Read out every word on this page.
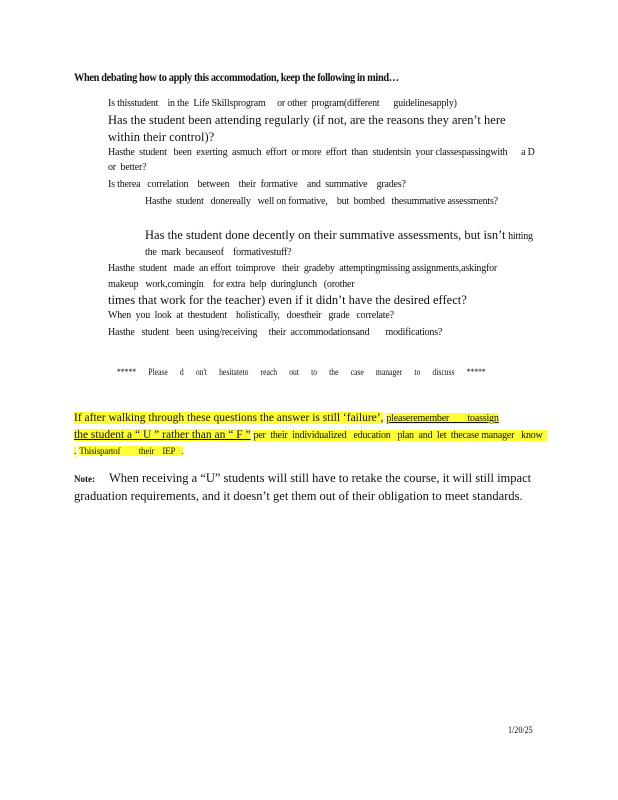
When debating how to apply this accommodation, keep the following in mind…
Is thisstudent    in the  Life Skillsprogram     or other  program(different      guidelinesapply)
Has the student been attending regularly (if not, are the reasons they aren’t here within their control)?
Hasthe  student   been  exerting  asmuch  effort  or more  effort  than  studentsin  your classespassingwith      a D or  better?
Is therea   correlation    between    their  formative    and  summative    grades?
Hasthe  student   donereally   well on formative,    but  bombed   thesummative assessments?
Has the student done decently on their summative assessments, but isn’t hitting the  mark  becauseof    formativestuff?
Hasthe  student   made  an effort  toimprove   their  gradeby  attemptingmissing assignments,askingfor       makeup   work,comingin    for extra  help  duringlunch   (orother
times that work for the teacher) even if it didn’t have the desired effect?
When  you  look  at  thestudent    holistically,   doestheir   grade   correlate?
Hasthe   student   been  using/receiving     their  accommodationsand       modifications?
***** Please d on't hesitateto reach out to the case manager to discuss *****
If after walking through these questions the answer is still ‘failure’, pleaseremember        toassign
the student a “ U ” rather than an “ F ” per  their  individualized   education   plan  and  let  thecase manager   know  . Thisispartof         their    IEP   .
Note: When receiving a “U” students will still have to retake the course, it will still impact graduation requirements, and it doesn’t get them out of their obligation to meet standards.
1/20/25
